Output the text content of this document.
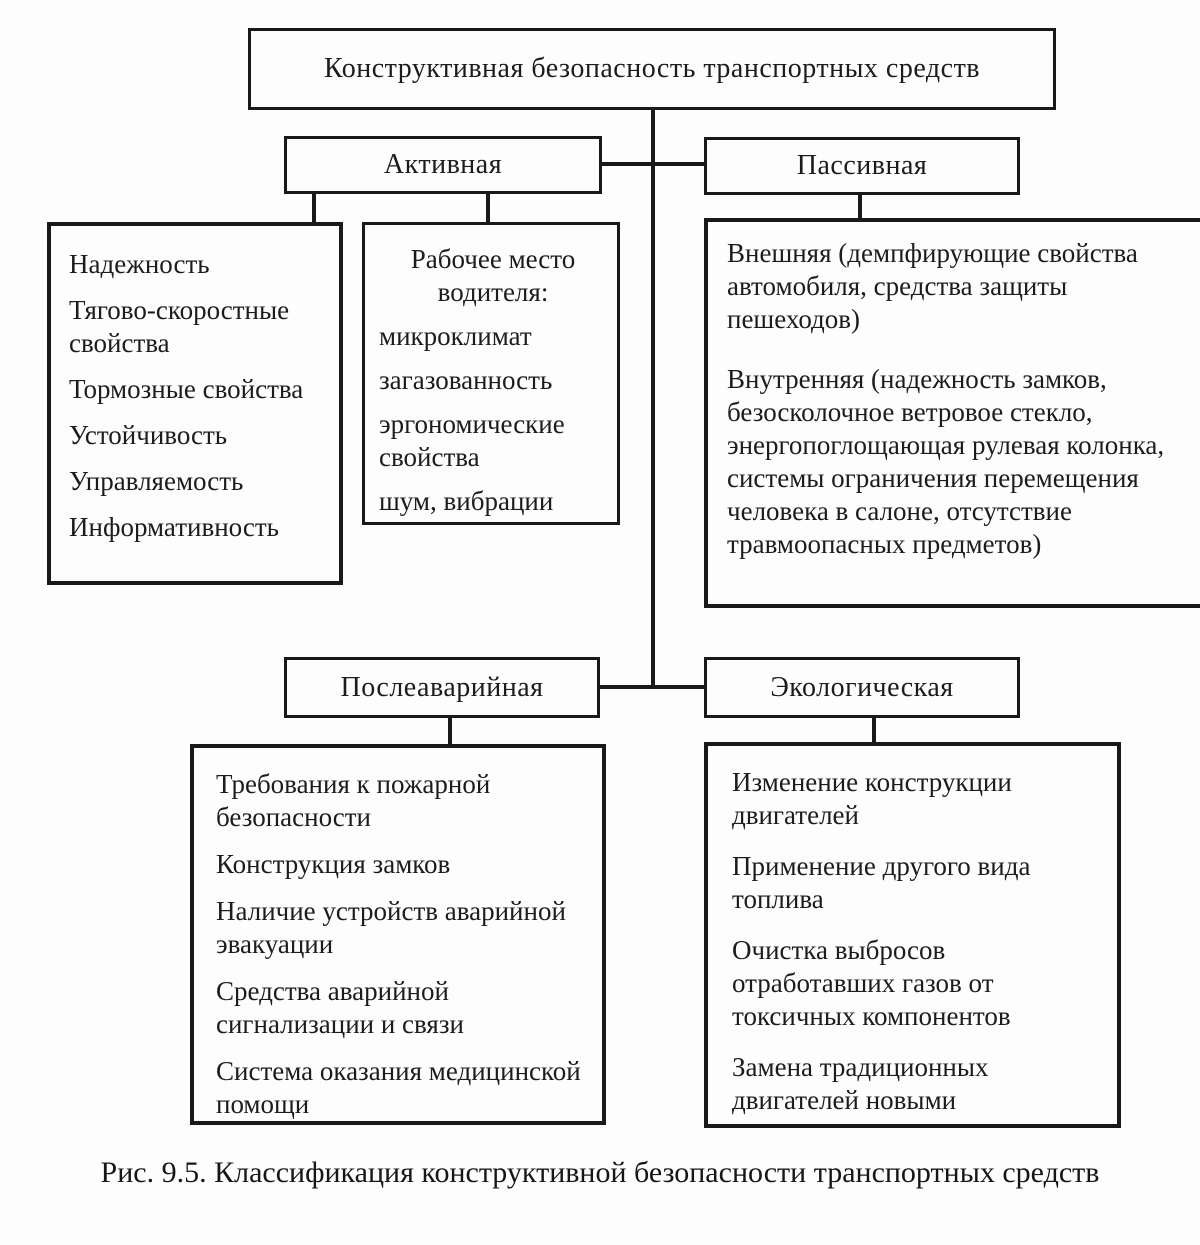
Конструктивная безопасность транспортных средств
Активная	Пассивная
Надежность
Тягово-скоростные свойства
Тормозные свойства
Устойчивость
Управляемость
Информативность
Рабочее место водителя:
микроклимат
загазованность
эргономические свойства
шум, вибрации
Внешняя (демпфирующие свойства автомобиля, средства защиты пешеходов)
Внутренняя (надежность замков, безосколочное ветровое стекло, энергопоглощающая рулевая колонка, системы ограничения перемещения человека в салоне, отсутствие травмоопасных предметов)
Послеаварийная	Экологическая
Требования к пожарной безопасности
Конструкция замков
Наличие устройств аварийной эвакуации
Средства аварийной сигнализации и связи
Система оказания медицинской помощи
Изменение конструкции двигателей
Применение другого вида топлива
Очистка выбросов отработавших газов от токсичных компонентов
Замена традиционных двигателей новыми
Рис. 9.5. Классификация конструктивной безопасности транспортных средств
